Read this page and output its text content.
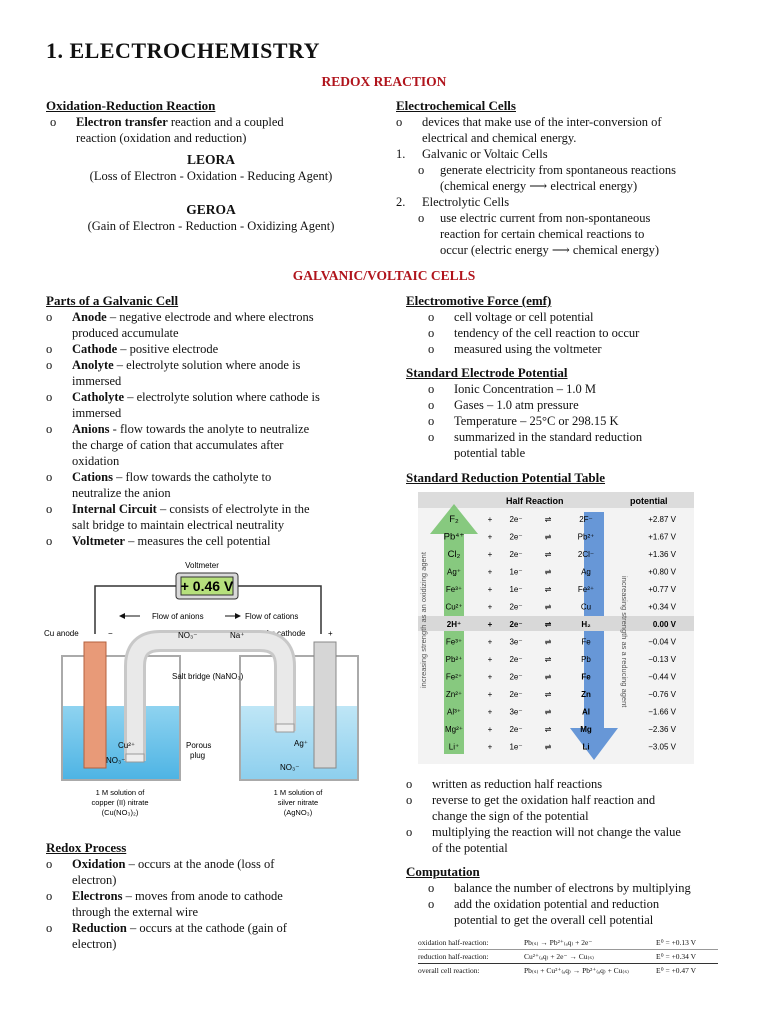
1. ELECTROCHEMISTRY
REDOX REACTION
Oxidation-Reduction Reaction
o Electron transfer reaction and a coupled
reaction (oxidation and reduction)
LEORA
(Loss of Electron - Oxidation - Reducing Agent)
GEROA
(Gain of Electron - Reduction - Oxidizing Agent)
Electrochemical Cells
o devices that make use of the inter-conversion of
electrical and chemical energy.
1. Galvanic or Voltaic Cells
o generate electricity from spontaneous reactions
(chemical energy ⟶ electrical energy)
2. Electrolytic Cells
o use electric current from non-spontaneous
reaction for certain chemical reactions to
occur (electric energy ⟶ chemical energy)
GALVANIC/VOLTAIC CELLS
Parts of a Galvanic Cell
o Anode – negative electrode and where electrons
produced accumulate
o Cathode – positive electrode
o Anolyte – electrolyte solution where anode is
immersed
o Catholyte – electrolyte solution where cathode is
immersed
o Anions - flow towards the anolyte to neutralize
the charge of cation that accumulates after
oxidation
o Cations – flow towards the catholyte to
neutralize the anion
o Internal Circuit – consists of electrolyte in the
salt bridge to maintain electrical neutrality
o Voltmeter – measures the cell potential
Electromotive Force (emf)
o cell voltage or cell potential
o tendency of the cell reaction to occur
o measured using the voltmeter
Standard Electrode Potential
o Ionic Concentration – 1.0 M
o Gases – 1.0 atm pressure
o Temperature – 25°C or 298.15 K
o summarized in the standard reduction
potential table
Standard Reduction Potential Table
Voltmeter
+ 0.46 V
Flow of anions	Flow of cations
Cu anode	−	Ag cathode	+
NO₃⁻	Na⁺
Salt bridge (NaNO₃)
Cu²⁺
NO₃⁻
Ag⁺
NO₃⁻
Porous
plug
1 M solution of
copper (II) nitrate
(Cu(NO₃)₂)
1 M solution of
silver nitrate
(AgNO₃)
Half Reaction	potential
F₂	+ 2e⁻	⇌	2F⁻	+2.87 V
Pb⁴⁺	+ 2e⁻	⇌	Pb²⁺	+1.67 V
Cl₂	+ 2e⁻	⇌	2Cl⁻	+1.36 V
Ag⁺	+ 1e⁻	⇌	Ag	+0.80 V
Fe³⁺	+ 1e⁻	⇌	Fe²⁺	+0.77 V
Cu²⁺	+ 2e⁻	⇌	Cu	+0.34 V
2H⁺	+ 2e⁻	⇌	H₂	0.00 V
Fe³⁺	+ 3e⁻	⇌	Fe	−0.04 V
Pb²⁺	+ 2e⁻	⇌	Pb	−0.13 V
Fe²⁺	+ 2e⁻	⇌	Fe	−0.44 V
Zn²⁺	+ 2e⁻	⇌	Zn	−0.76 V
Al³⁺	+ 3e⁻	⇌	Al	−1.66 V
Mg²⁺	+ 2e⁻	⇌	Mg	−2.36 V
Li⁺	+ 1e⁻	⇌	Li	−3.05 V
increasing strength as an oxidizing agent	increasing strength as a reducing agent
o written as reduction half reactions
o reverse to get the oxidation half reaction and
change the sign of the potential
o multiplying the reaction will not change the value
of the potential
Computation
o balance the number of electrons by multiplying
o add the oxidation potential and reduction
potential to get the overall cell potential
oxidation half-reaction:	Pb₍ₛ₎ → Pb²⁺₍ₐq₎ + 2e⁻	E⁰ = +0.13 V
reduction half-reaction:	Cu²⁺₍ₐq₎ + 2e⁻ → Cu₍ₛ₎	E⁰ = +0.34 V
overall cell reaction:	Pb₍ₛ₎ + Cu²⁺₍ₐq₎ → Pb²⁺₍ₐq₎ + Cu₍ₛ₎	E⁰ = +0.47 V
Redox Process
o Oxidation – occurs at the anode (loss of
electron)
o Electrons – moves from anode to cathode
through the external wire
o Reduction – occurs at the cathode (gain of
electron)
